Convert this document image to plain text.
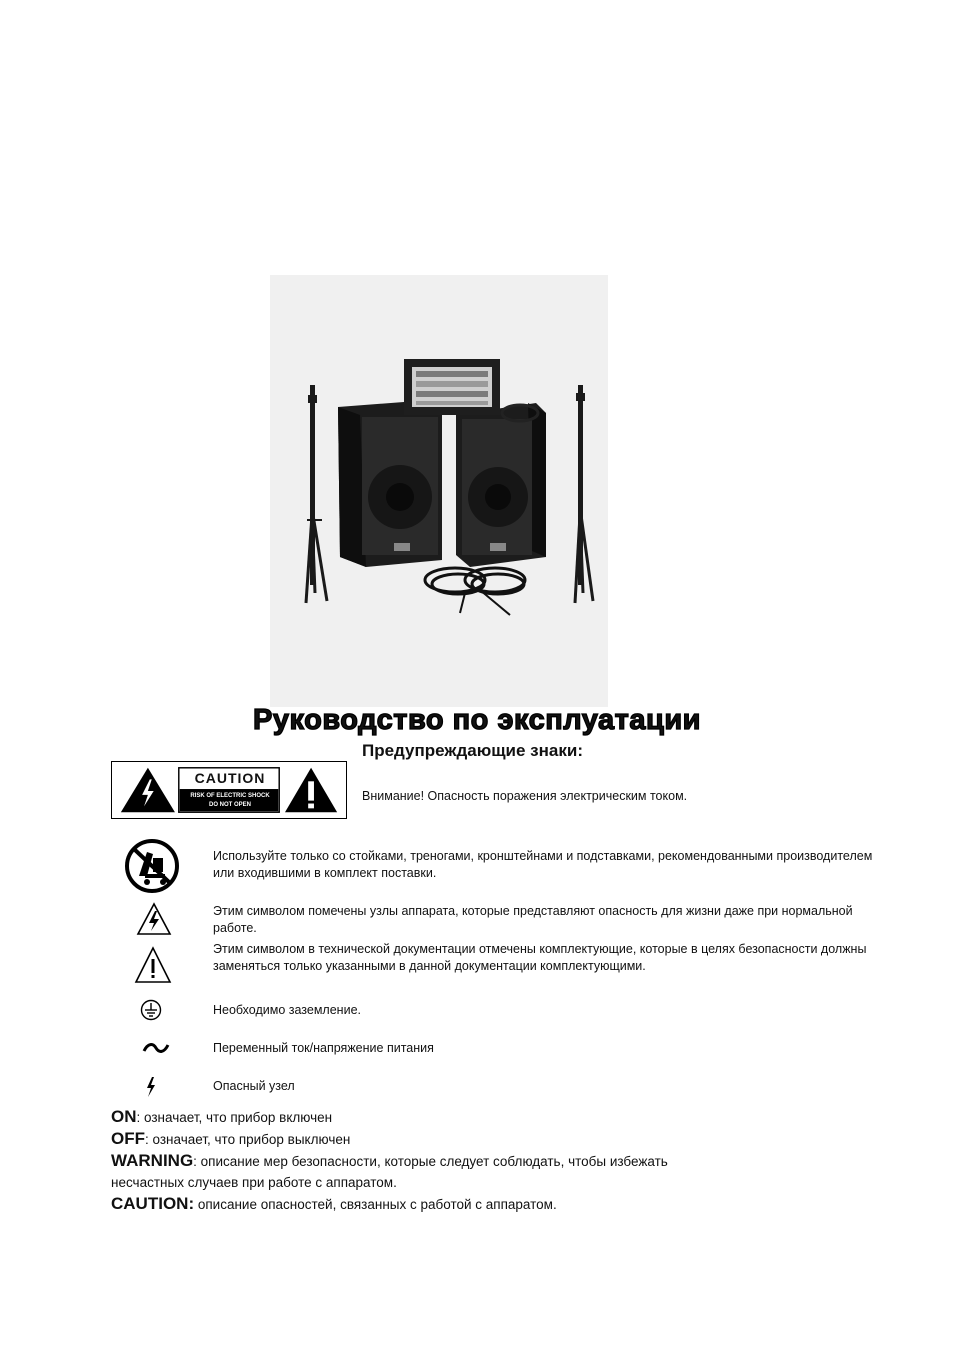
Руководство по эксплуатации
Предупреждающие знаки:
CAUTION
RISK OF ELECTRIC SHOCK
DO NOT OPEN
Внимание! Опасность поражения электрическим током.
Используйте только со стойками, треногами, кронштейнами и подставками, рекомендованными производителем или входившими в комплект поставки.
Этим символом помечены узлы аппарата, которые представляют опасность для жизни даже при нормальной работе.
Этим символом в технической документации отмечены комплектующие, которые в целях безопасности должны заменяться только указанными в данной документации комплектующими.
Необходимо заземление.
Переменный ток/напряжение питания
Опасный узел
ON: означает, что прибор включен
OFF: означает, что прибор выключен
WARNING: описание мер безопасности, которые следует соблюдать, чтобы избежать
несчастных случаев при работе с аппаратом.
CAUTION: описание опасностей, связанных с работой с аппаратом.
